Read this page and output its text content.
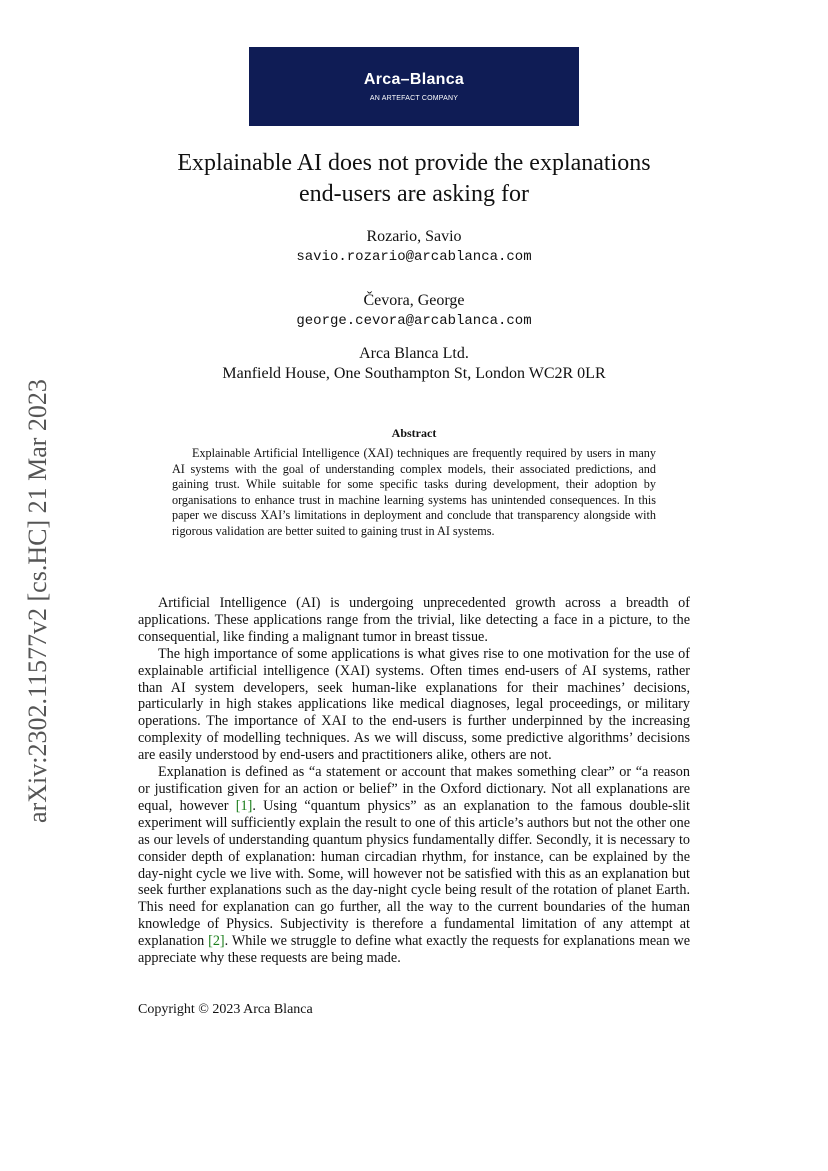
Arca–Blanca
AN ARTEFACT COMPANY
arXiv:2302.11577v2 [cs.HC] 21 Mar 2023
Explainable AI does not provide the explanations
end-users are asking for
Rozario, Savio
savio.rozario@arcablanca.com
Čevora, George
george.cevora@arcablanca.com
Arca Blanca Ltd.
Manfield House, One Southampton St, London WC2R 0LR
Abstract

Explainable Artificial Intelligence (XAI) techniques are frequently required by users in many AI systems with the goal of understanding complex models, their associated predictions, and gaining trust. While suitable for some specific tasks during development, their adoption by organisations to enhance trust in machine learning systems has unintended consequences. In this paper we discuss XAI’s limitations in deployment and conclude that transparency alongside with rigorous validation are better suited to gaining trust in AI systems.

Artificial Intelligence (AI) is undergoing unprecedented growth across a breadth of applications. These applications range from the trivial, like detecting a face in a picture, to the consequential, like finding a malignant tumor in breast tissue.

The high importance of some applications is what gives rise to one motivation for the use of explainable artificial intelligence (XAI) systems. Often times end-users of AI systems, rather than AI system developers, seek human-like explanations for their machines’ decisions, particularly in high stakes applications like medical diagnoses, legal proceedings, or military operations. The importance of XAI to the end-users is further underpinned by the increasing complexity of modelling techniques. As we will discuss, some predictive algorithms’ decisions are easily understood by end-users and practitioners alike, others are not.

Explanation is defined as “a statement or account that makes something clear” or “a reason or justification given for an action or belief” in the Oxford dictionary. Not all explanations are equal, however [1]. Using “quantum physics” as an explanation to the famous double-slit experiment will sufficiently explain the result to one of this article’s authors but not the other one as our levels of understanding quantum physics fundamentally differ. Secondly, it is necessary to consider depth of explanation: human circadian rhythm, for instance, can be explained by the day-night cycle we live with. Some, will however not be satisfied with this as an explanation but seek further explanations such as the day-night cycle being result of the rotation of planet Earth. This need for explanation can go further, all the way to the current boundaries of the human knowledge of Physics. Subjectivity is therefore a fundamental limitation of any attempt at explanation [2]. While we struggle to define what exactly the requests for explanations mean we appreciate why these requests are being made.

Copyright © 2023 Arca Blanca
